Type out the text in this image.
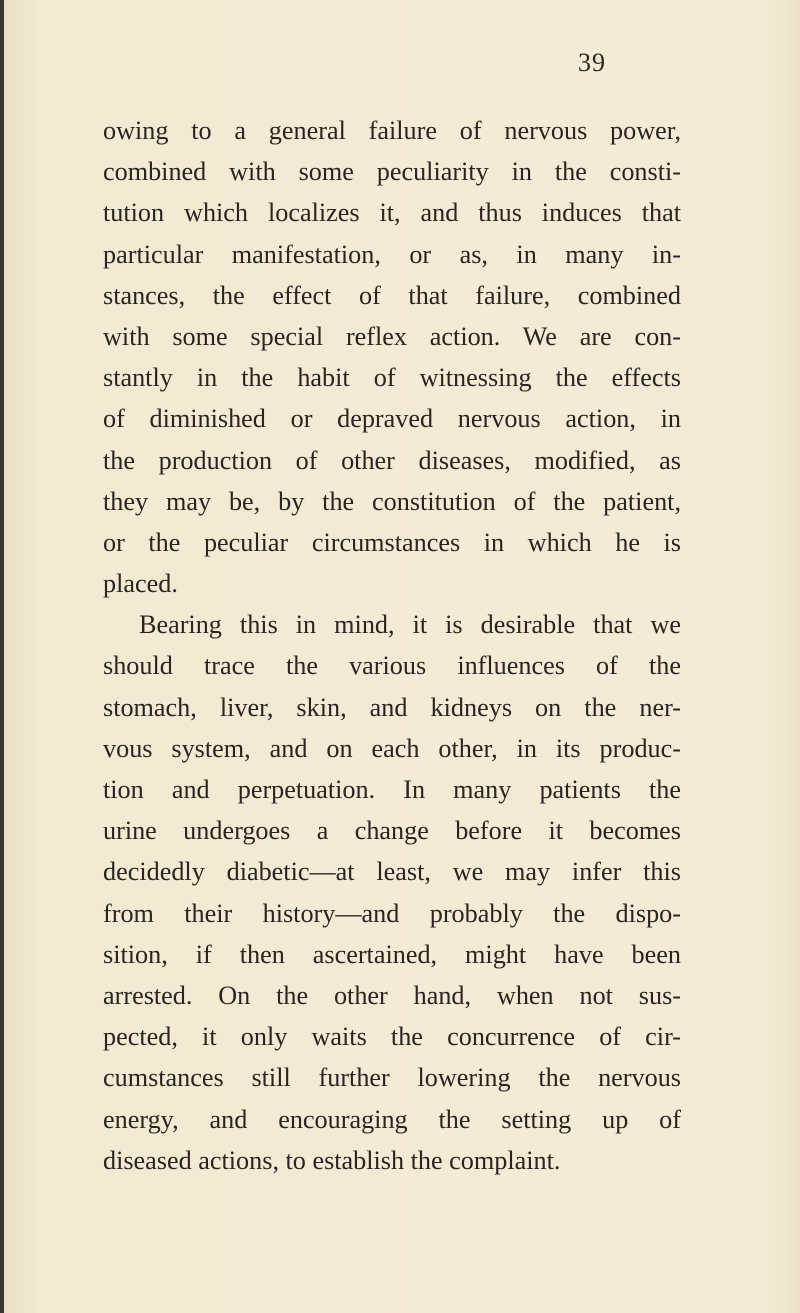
39
owing to a general failure of nervous power,
combined with some peculiarity in the consti-
tution which localizes it, and thus induces that
particular manifestation, or as, in many in-
stances, the effect of that failure, combined
with some special reflex action. We are con-
stantly in the habit of witnessing the effects
of diminished or depraved nervous action, in
the production of other diseases, modified, as
they may be, by the constitution of the patient,
or the peculiar circumstances in which he is
placed.
Bearing this in mind, it is desirable that we
should trace the various influences of the
stomach, liver, skin, and kidneys on the ner-
vous system, and on each other, in its produc-
tion and perpetuation. In many patients the
urine undergoes a change before it becomes
decidedly diabetic—at least, we may infer this
from their history—and probably the dispo-
sition, if then ascertained, might have been
arrested. On the other hand, when not sus-
pected, it only waits the concurrence of cir-
cumstances still further lowering the nervous
energy, and encouraging the setting up of
diseased actions, to establish the complaint.
